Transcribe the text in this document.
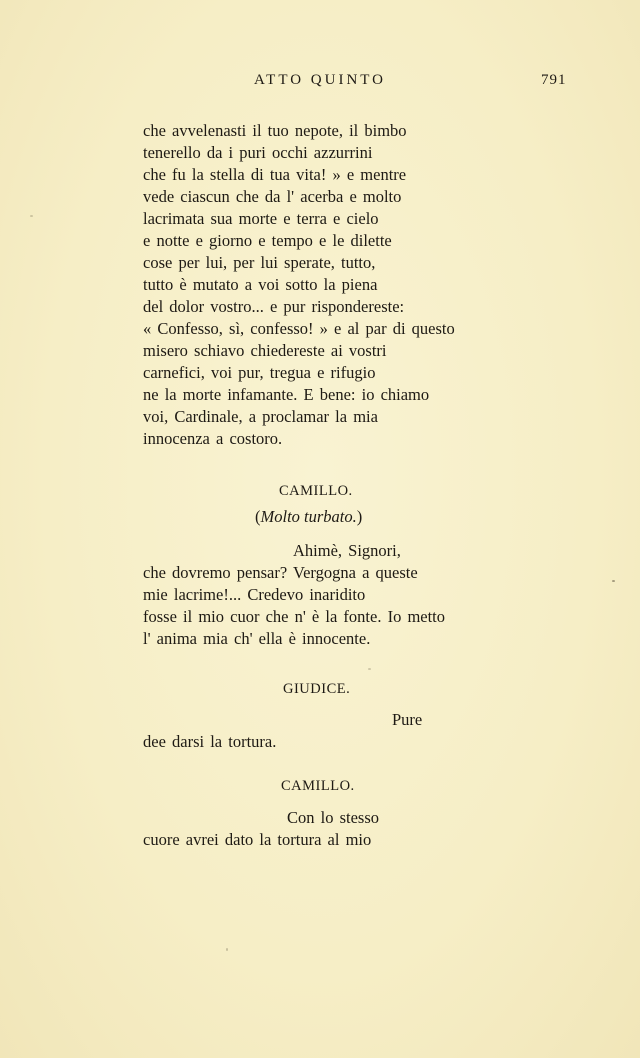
ATTO QUINTO	791
che avvelenasti il tuo nepote, il bimbo
tenerello da i puri occhi azzurrini
che fu la stella di tua vita! » e mentre
vede ciascun che da l' acerba e molto
lacrimata sua morte e terra e cielo
e notte e giorno e tempo e le dilette
cose per lui, per lui sperate, tutto,
tutto è mutato a voi sotto la piena
del dolor vostro... e pur rispondereste:
« Confesso, sì, confesso! » e al par di questo
misero schiavo chiedereste ai vostri
carnefici, voi pur, tregua e rifugio
ne la morte infamante. E bene: io chiamo
voi, Cardinale, a proclamar la mia
innocenza a costoro.
CAMILLO.
(Molto turbato.)
Ahimè, Signori,
che dovremo pensar? Vergogna a queste
mie lacrime!... Credevo inaridito
fosse il mio cuor che n' è la fonte. Io metto
l' anima mia ch' ella è innocente.
GIUDICE.
Pure
dee darsi la tortura.
CAMILLO.
Con lo stesso
cuore avrei dato la tortura al mio
